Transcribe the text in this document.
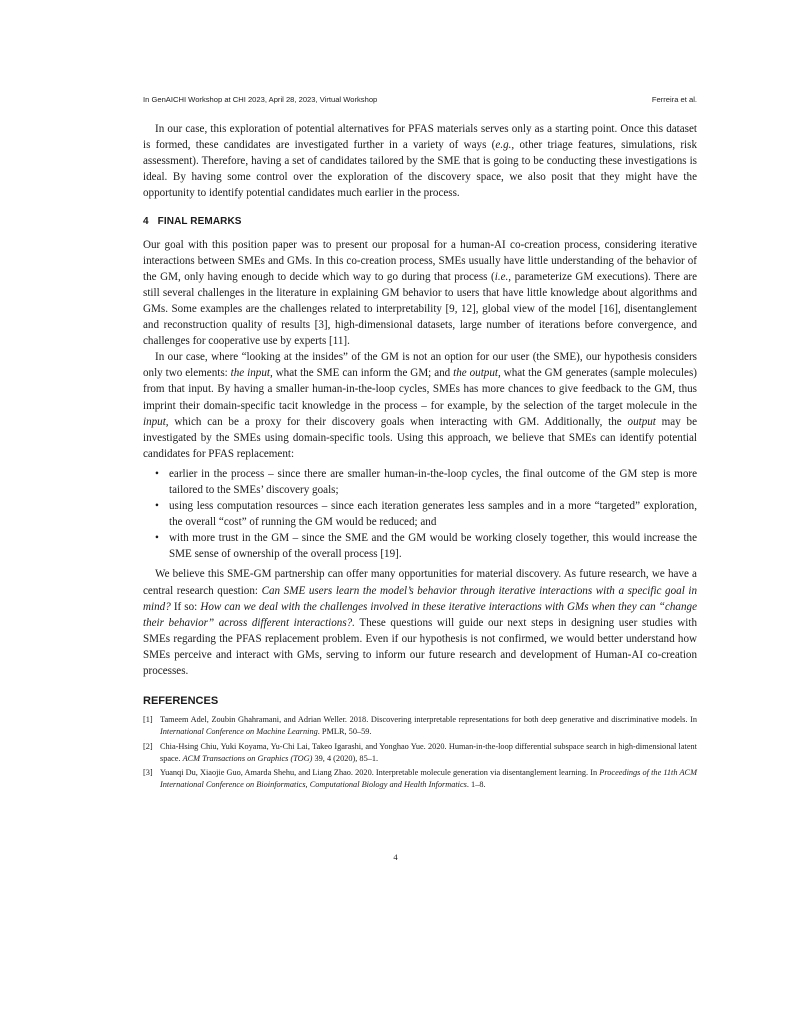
In GenAICHI Workshop at CHI 2023, April 28, 2023, Virtual Workshop	Ferreira et al.

In our case, this exploration of potential alternatives for PFAS materials serves only as a starting point. Once this dataset is formed, these candidates are investigated further in a variety of ways (e.g., other triage features, simulations, risk assessment). Therefore, having a set of candidates tailored by the SME that is going to be conducting these investigations is ideal. By having some control over the exploration of the discovery space, we also posit that they might have the opportunity to identify potential candidates much earlier in the process.

4 FINAL REMARKS

Our goal with this position paper was to present our proposal for a human-AI co-creation process, considering iterative interactions between SMEs and GMs. In this co-creation process, SMEs usually have little understanding of the behavior of the GM, only having enough to decide which way to go during that process (i.e., parameterize GM executions). There are still several challenges in the literature in explaining GM behavior to users that have little knowledge about algorithms and GMs. Some examples are the challenges related to interpretability [9, 12], global view of the model [16], disentanglement and reconstruction quality of results [3], high-dimensional datasets, large number of iterations before convergence, and challenges for cooperative use by experts [11].

In our case, where “looking at the insides” of the GM is not an option for our user (the SME), our hypothesis considers only two elements: the input, what the SME can inform the GM; and the output, what the GM generates (sample molecules) from that input. By having a smaller human-in-the-loop cycles, SMEs has more chances to give feedback to the GM, thus imprint their domain-specific tacit knowledge in the process – for example, by the selection of the target molecule in the input, which can be a proxy for their discovery goals when interacting with GM. Additionally, the output may be investigated by the SMEs using domain-specific tools. Using this approach, we believe that SMEs can identify potential candidates for PFAS replacement:

• earlier in the process – since there are smaller human-in-the-loop cycles, the final outcome of the GM step is more tailored to the SMEs’ discovery goals;
• using less computation resources – since each iteration generates less samples and in a more “targeted” exploration, the overall “cost” of running the GM would be reduced; and
• with more trust in the GM – since the SME and the GM would be working closely together, this would increase the SME sense of ownership of the overall process [19].

We believe this SME-GM partnership can offer many opportunities for material discovery. As future research, we have a central research question: Can SME users learn the model’s behavior through iterative interactions with a specific goal in mind? If so: How can we deal with the challenges involved in these iterative interactions with GMs when they can “change their behavior” across different interactions?. These questions will guide our next steps in designing user studies with SMEs regarding the PFAS replacement problem. Even if our hypothesis is not confirmed, we would better understand how SMEs perceive and interact with GMs, serving to inform our future research and development of Human-AI co-creation processes.

REFERENCES
[1] Tameem Adel, Zoubin Ghahramani, and Adrian Weller. 2018. Discovering interpretable representations for both deep generative and discriminative models. In International Conference on Machine Learning. PMLR, 50–59.
[2] Chia-Hsing Chiu, Yuki Koyama, Yu-Chi Lai, Takeo Igarashi, and Yonghao Yue. 2020. Human-in-the-loop differential subspace search in high-dimensional latent space. ACM Transactions on Graphics (TOG) 39, 4 (2020), 85–1.
[3] Yuanqi Du, Xiaojie Guo, Amarda Shehu, and Liang Zhao. 2020. Interpretable molecule generation via disentanglement learning. In Proceedings of the 11th ACM International Conference on Bioinformatics, Computational Biology and Health Informatics. 1–8.
4
